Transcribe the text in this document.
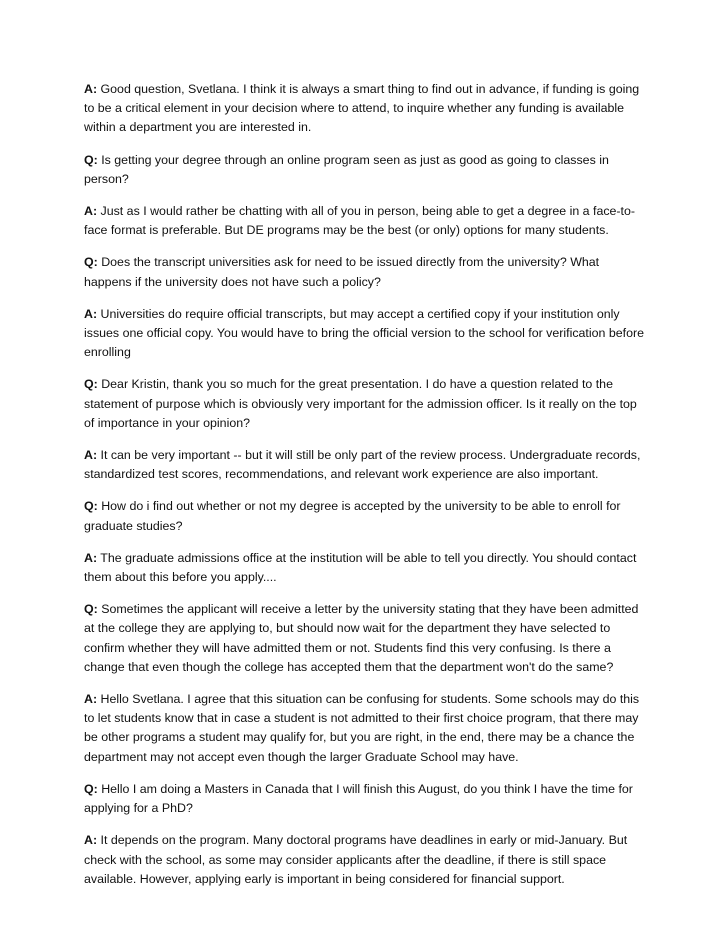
A: Good question, Svetlana. I think it is always a smart thing to find out in advance, if funding is going to be a critical element in your decision where to attend, to inquire whether any funding is available within a department you are interested in.

Q: Is getting your degree through an online program seen as just as good as going to classes in person?

A: Just as I would rather be chatting with all of you in person, being able to get a degree in a face-to-face format is preferable. But DE programs may be the best (or only) options for many students.

Q: Does the transcript universities ask for need to be issued directly from the university? What happens if the university does not have such a policy?

A: Universities do require official transcripts, but may accept a certified copy if your institution only issues one official copy. You would have to bring the official version to the school for verification before enrolling

Q: Dear Kristin, thank you so much for the great presentation. I do have a question related to the statement of purpose which is obviously very important for the admission officer. Is it really on the top of importance in your opinion?

A: It can be very important -- but it will still be only part of the review process. Undergraduate records, standardized test scores, recommendations, and relevant work experience are also important.

Q: How do i find out whether or not my degree is accepted by the university to be able to enroll for graduate studies?

A: The graduate admissions office at the institution will be able to tell you directly. You should contact them about this before you apply....

Q: Sometimes the applicant will receive a letter by the university stating that they have been admitted at the college they are applying to, but should now wait for the department they have selected to confirm whether they will have admitted them or not. Students find this very confusing. Is there a change that even though the college has accepted them that the department won't do the same?

A: Hello Svetlana. I agree that this situation can be confusing for students. Some schools may do this to let students know that in case a student is not admitted to their first choice program, that there may be other programs a student may qualify for, but you are right, in the end, there may be a chance the department may not accept even though the larger Graduate School may have.

Q: Hello I am doing a Masters in Canada that I will finish this August, do you think I have the time for applying for a PhD?

A: It depends on the program. Many doctoral programs have deadlines in early or mid-January. But check with the school, as some may consider applicants after the deadline, if there is still space available. However, applying early is important in being considered for financial support.
